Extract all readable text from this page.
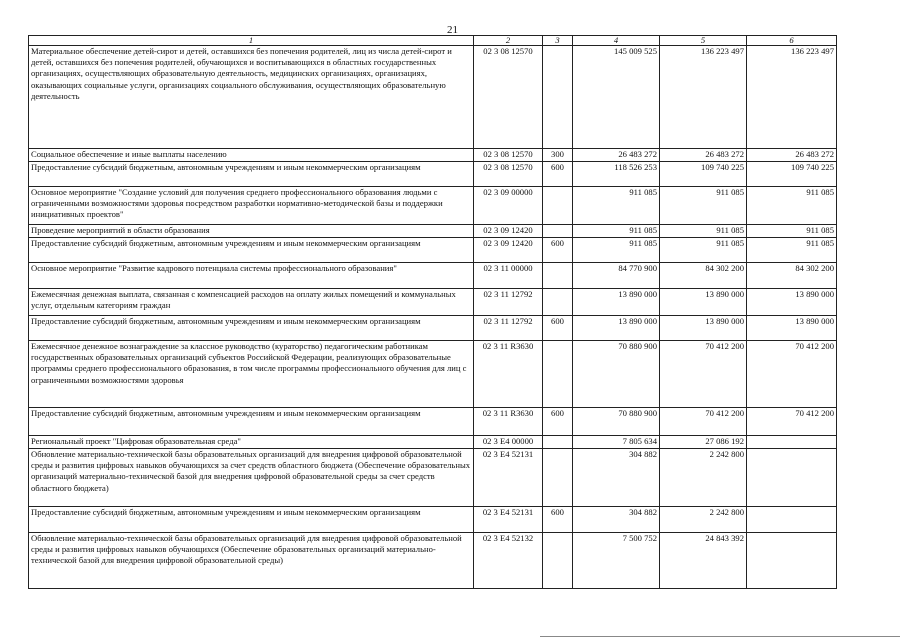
21
1	2	3	4	5	6
Материальное обеспечение детей-сирот и детей, оставшихся без попечения родителей, лиц из числа детей-сирот и детей, оставшихся без попечения родителей, обучающихся и воспитывающихся в областных государственных организациях, осуществляющих образовательную деятельность, медицинских организациях, организациях, оказывающих социальные услуги, организациях социального обслуживания, осуществляющих образовательную деятельность	02 3 08 12570		145 009 525	136 223 497	136 223 497
Социальное обеспечение и иные выплаты населению	02 3 08 12570	300	26 483 272	26 483 272	26 483 272
Предоставление субсидий бюджетным, автономным учреждениям и иным некоммерческим организациям	02 3 08 12570	600	118 526 253	109 740 225	109 740 225
Основное мероприятие "Создание условий для получения среднего профессионального образования людьми с ограниченными возможностями здоровья посредством разработки нормативно-методической базы и поддержки инициативных проектов"	02 3 09 00000		911 085	911 085	911 085
Проведение мероприятий в области образования	02 3 09 12420		911 085	911 085	911 085
Предоставление субсидий бюджетным, автономным учреждениям и иным некоммерческим организациям	02 3 09 12420	600	911 085	911 085	911 085
Основное мероприятие "Развитие кадрового потенциала системы профессионального образования"	02 3 11 00000		84 770 900	84 302 200	84 302 200
Ежемесячная денежная выплата, связанная с компенсацией расходов на оплату жилых помещений и коммунальных услуг, отдельным категориям граждан	02 3 11 12792		13 890 000	13 890 000	13 890 000
Предоставление субсидий бюджетным, автономным учреждениям и иным некоммерческим организациям	02 3 11 12792	600	13 890 000	13 890 000	13 890 000
Ежемесячное денежное вознаграждение за классное руководство (кураторство) педагогическим работникам государственных образовательных организаций субъектов Российской Федерации, реализующих образовательные программы среднего профессионального образования, в том числе программы профессионального обучения для лиц с ограниченными возможностями здоровья	02 3 11 R3630		70 880 900	70 412 200	70 412 200
Предоставление субсидий бюджетным, автономным учреждениям и иным некоммерческим организациям	02 3 11 R3630	600	70 880 900	70 412 200	70 412 200
Региональный проект "Цифровая образовательная среда"	02 3 E4 00000		7 805 634	27 086 192	
Обновление материально-технической базы образовательных организаций для внедрения цифровой образовательной среды и развития цифровых навыков обучающихся за счет средств областного бюджета (Обеспечение образовательных организаций материально-технической базой для внедрения цифровой образовательной среды за счет средств областного бюджета)	02 3 E4 52131		304 882	2 242 800	
Предоставление субсидий бюджетным, автономным учреждениям и иным некоммерческим организациям	02 3 E4 52131	600	304 882	2 242 800	
Обновление материально-технической базы образовательных организаций для внедрения цифровой образовательной среды и развития цифровых навыков обучающихся (Обеспечение образовательных организаций материально-технической базой для внедрения цифровой образовательной среды)	02 3 E4 52132		7 500 752	24 843 392	
